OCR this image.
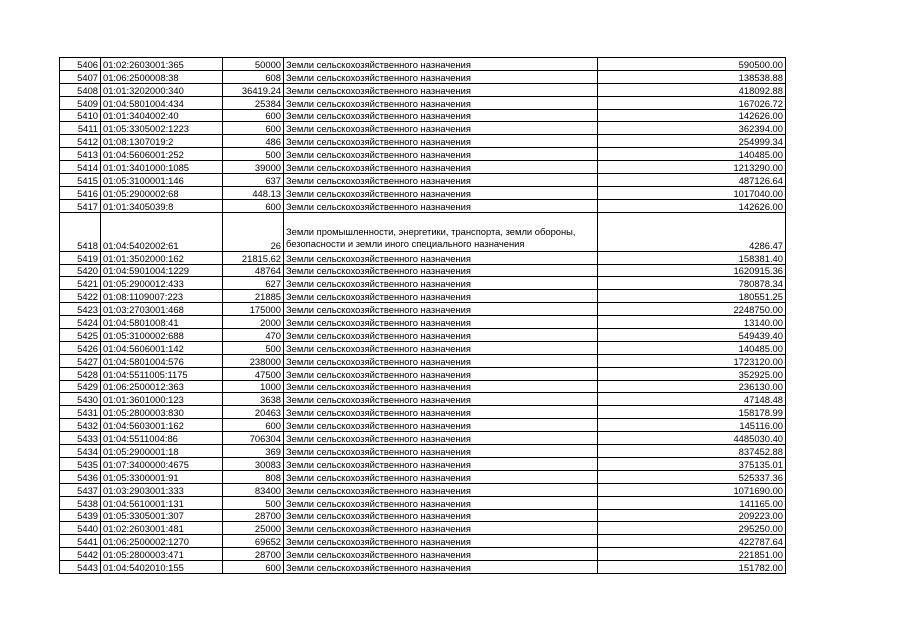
5406	01:02:2603001:365	50000	Земли сельскохозяйственного назначения	590500.00
5407	01:06:2500008:38	608	Земли сельскохозяйственного назначения	138538.88
5408	01:01:3202000:340	36419.24	Земли сельскохозяйственного назначения	418092.88
5409	01:04:5801004:434	25384	Земли сельскохозяйственного назначения	167026.72
5410	01:01:3404002:40	600	Земли сельскохозяйственного назначения	142626.00
5411	01:05:3305002:1223	600	Земли сельскохозяйственного назначения	362394.00
5412	01:08:1307019:2	486	Земли сельскохозяйственного назначения	254999.34
5413	01:04:5606001:252	500	Земли сельскохозяйственного назначения	140485.00
5414	01:01:3401000:1085	39000	Земли сельскохозяйственного назначения	1213290.00
5415	01:05:3100001:146	637	Земли сельскохозяйственного назначения	487126.64
5416	01:05:2900002:68	448.13	Земли сельскохозяйственного назначения	1017040.00
5417	01:01:3405039:8	600	Земли сельскохозяйственного назначения	142626.00
5418	01:04:5402002:61	26	Земли промышленности, энергетики, транспорта, земли обороны, безопасности и земли иного специального назначения	4286.47
5419	01:01:3502000:162	21815.62	Земли сельскохозяйственного назначения	158381.40
5420	01:04:5901004:1229	48764	Земли сельскохозяйственного назначения	1620915.36
5421	01:05:2900012:433	627	Земли сельскохозяйственного назначения	780878.34
5422	01:08:1109007:223	21885	Земли сельскохозяйственного назначения	180551.25
5423	01:03:2703001:468	175000	Земли сельскохозяйственного назначения	2248750.00
5424	01:04:5801008:41	2000	Земли сельскохозяйственного назначения	13140.00
5425	01:05:3100002:688	470	Земли сельскохозяйственного назначения	549439.40
5426	01:04:5606001:142	500	Земли сельскохозяйственного назначения	140485.00
5427	01:04:5801004:576	238000	Земли сельскохозяйственного назначения	1723120.00
5428	01:04:5511005:1175	47500	Земли сельскохозяйственного назначения	352925.00
5429	01:06:2500012:363	1000	Земли сельскохозяйственного назначения	236130.00
5430	01:01:3601000:123	3638	Земли сельскохозяйственного назначения	47148.48
5431	01:05:2800003:830	20463	Земли сельскохозяйственного назначения	158178.99
5432	01:04:5603001:162	600	Земли сельскохозяйственного назначения	145116.00
5433	01:04:5511004:86	706304	Земли сельскохозяйственного назначения	4485030.40
5434	01:05:2900001:18	369	Земли сельскохозяйственного назначения	837452.88
5435	01:07:3400000:4675	30083	Земли сельскохозяйственного назначения	375135.01
5436	01:05:3300001:91	808	Земли сельскохозяйственного назначения	525337.36
5437	01:03:2903001:333	83400	Земли сельскохозяйственного назначения	1071690.00
5438	01:04:5610001:131	500	Земли сельскохозяйственного назначения	141165.00
5439	01:05:3305001:307	28700	Земли сельскохозяйственного назначения	209223.00
5440	01:02:2603001:481	25000	Земли сельскохозяйственного назначения	295250.00
5441	01:06:2500002:1270	69652	Земли сельскохозяйственного назначения	422787.64
5442	01:05:2800003:471	28700	Земли сельскохозяйственного назначения	221851.00
5443	01:04:5402010:155	600	Земли сельскохозяйственного назначения	151782.00
